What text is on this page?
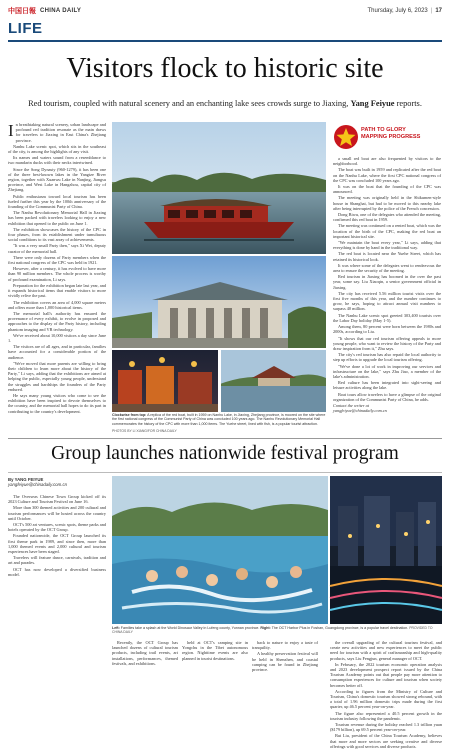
中国日報 CHINA DAILY	Thursday, July 6, 2023 | 17
LIFE
Visitors flock to historic site
Red tourism, coupled with natural scenery and an enchanting lake sees crowds surge to Jiaxing, Yang Feiyue reports.

In breathtaking natural scenery, urban landscape and profound red tradition resonate as the main draws for travelers to Jiaxing in East China's Zhejiang province.

Nanhu Lake scenic spot, which sits in the southeast of the city, is among the highlights of any visit.

Its names and waters sound from a resemblance to two mandarin ducks with their necks intertwined.

Since the Song Dynasty (960-1279), it has been one of the three best-known lakes in the Yangtze River region, together with Xuanwu Lake in Nanjing, Jiangsu province, and West Lake in Hangzhou, capital city of Zhejiang.

Public enthusiasm toward local tourism has been fueled further this year by the 100th anniversary of the founding of the Communist Party of China.

The Nanhu Revolutionary Memorial Hall in Jiaxing has been packed with travelers looking to enjoy a new exhibition that opened to the public on June 1.

The exhibition showcases the history of the CPC in four phases, from its establishment under tumultuous social conditions to its vast array of achievements.

"It was a very small Party then," says Xi Wei, deputy curator of the memorial hall.

There were only dozens of Party members when the first national congress of the CPC was held in 1921.

However, after a century, it has evolved to have more than 90 million members. The whole process is worthy of profound examination, Li says.

Preparation for the exhibition began late last year, and it expands historical items that enable visitors to more vividly relive the past.

The exhibition covers an area of 4,000 square meters and offers more than 1,000 historical items.

The memorial hall's authority has ensured the provenance of every exhibit, to evolve in proposed and approaches to the display of the Party history, including phantom imaging and VR technology.

We've received about 10,000 visitors a day since June 1.

The visitors are of all ages, and in particular, families have accounted for a considerable portion of the audience.

"We're moved that more parents are willing to bring their children to learn more about the history of the Party," Li says, adding that the exhibitions are aimed at helping the public, especially young people, understand the struggles and hardships the founders of the Party endured.

He says many young visitors who come to see the exhibition have been inspired to devote themselves to the country, and the memorial hall hopes to do its part in contributing to the country's development.

Clockwise from top: A replica of the red boat, built in 1959 on Nanhu Lake, in Jiaxing, Zhejiang province, is moored on the site where the first national congress of the Communist Party of China was concluded 100 years ago. The Nanhu Revolutionary Memorial Hall commemorates the history of the CPC with more than 1,000 items. The Yuehe street, lined with fish, is a popular tourist attraction.
PHOTOS BY LI XIANG/FOR CHINA DAILY
PATH TO GLORY
MAPPING PROGRESS

a small red boat are also frequented by visitors to the neighborhood.

The boat was built in 1959 and replicated after the red boat on the Nanhu Lake, where the first CPC national congress of the CPC was concluded 100 years ago.

It was on the boat that the founding of the CPC was announced.

The meeting was originally held in the Shikumen-style house in Shanghai, but had to be moved to this nearby lake after being interrupted by the police of the French concession.

Dong Biwu, one of the delegates who attended the meeting, confirmed this red boat in 1959.

The meeting was continued on a rented boat, which was the location of the birth of the CPC, making the red boat an important historical site.

"We maintain the boat every year," Li says, adding that everything is done by hand in the traditional way.

The red boat is located near the Yuehe Street, which has retained its historical look.

It was where some of the delegates went to rendezvous the area to ensure the security of the meeting.

Red tourism in Jiaxing has boomed in the over the past year, some say. Liu Xiaoqin, a senior government official in Jiaxing.

The city has received 5.56 million tourist visits over the first five months of this year, and the number continues to grow, he says, hoping to attract annual visit numbers to surpass 40 million.

The Nanhu Lake scenic spot greeted 303,400 tourists over the Labor Day holiday (May 1-5).

Among them, 80 percent were born between the 1980s and 2000s, according to Liu.

"It shows that our red tourism offering appeals to more young people, who want to review the history of the Party and draw inspiration from it," Zhu says.

The city's red tourism has also repaid the local authority to step up efforts to upgrade the local tourism offering.

"We've done a lot of work in improving our services and infrastructure on the lake," says Zhu Jiao, a member of the lake's administration.

Red culture has been integrated into sight-seeing and leisure activities along the lake.

Boat tours allow travelers to have a glimpse of the original organization of the Communist Party of China, he adds.

Contact the writer at
yangfeiyue@chinadaily.com.cn
Group launches nationwide festival program
By YANG FEIYUE
yangfeiyue@chinadaily.com.cn

The Overseas Chinese Town Group kicked off its 2023 Culture and Tourism Festival on June 16.

More than 300 themed activities and 200 cultural and tourism performances will be hosted across the country until October.

OCT's 500 art ventures, scenic spots, theme parks and hotels operated by the OCT Group.

Founded nationwide, the OCT Group launched its first theme park in 1989, and since then, more than 1,000 themed events and 2,000 cultural and tourism experiences have been staged.

Travelers will feature dance, carnivals, tradition and art and parades.

OCT has now developed a diversified business model.

Left: Families take a splash at the World Dinosaur Valley in Lufeng county, Yunnan province. Right: The OCT Harbor Plus in Foshan, Guangdong province, is a popular travel destination. PROVIDED TO CHINA DAILY

Recently, the OCT Group has launched dozens of cultural tourism products, including trail events, art installations, performances, themed festivals, and exhibitions.

held at OCT's camping site in Yongchu in the Tibet autonomous region. Nighttime events are also planned in tourist destinations.

back to nature to enjoy a taste of tranquility.

A healthy preservation festival will be held in Shenzhen, and coastal camping can be found in Zhejiang province.

the overall upgrading of the cultural tourism festival, and create new activities and new experiences to meet the public need for tourism with a spirit of craftsmanship and high-quality products, says Liu Fengjun, general manager of OCT.

In February, the 2022 tourism economic operation analysis and 2023 development prospect report issued by the China Tourism Academy points out that people pay more attention to consumption experiences for culture and tourism when society becomes better off.

According to figures from the Ministry of Culture and Tourism, China's domestic tourism showed strong rebound, with a total of 1.96 million domestic trips made during the first quarter, up 46.5 percent year-on-year.

The figure also represented a 40.5 percent growth in the tourism industry following the pandemic.

Tourism revenue during the holiday reached 1.3 trillion yuan ($179 billion), up 69.5 percent year-on-year.

But Liu, president of the China Tourism Academy, believes that more and more sectors are seeking creative and diverse offerings with good services and diverse products.
